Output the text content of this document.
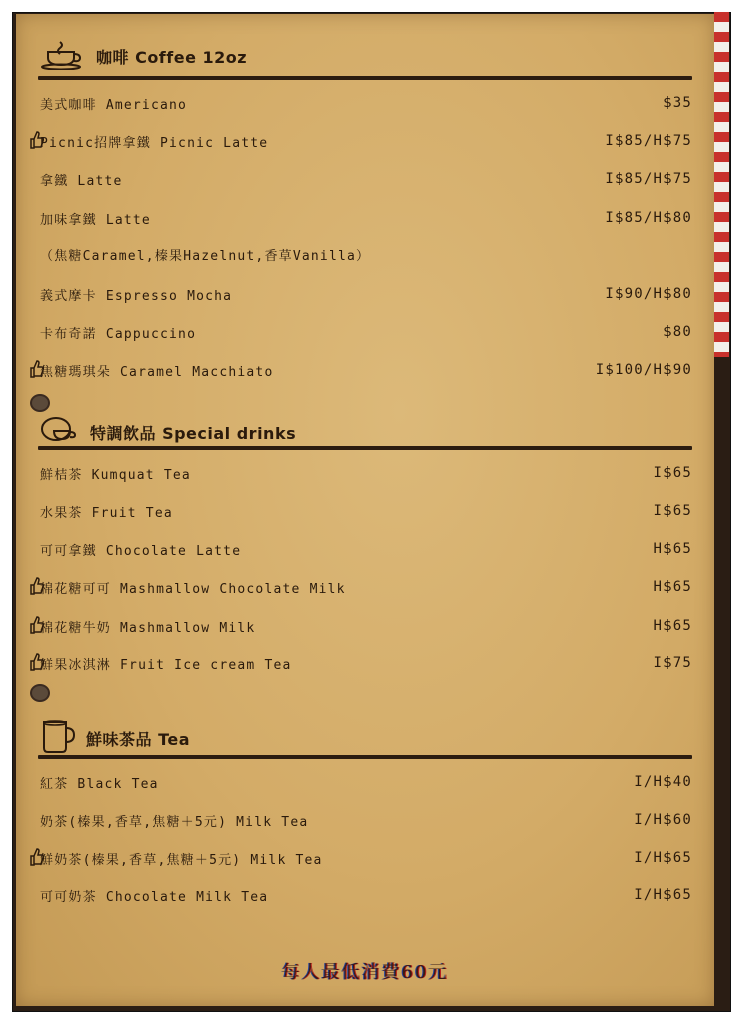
咖啡 Coffee 12oz
美式咖啡 Americano	$35
Picnic招牌拿鐵 Picnic Latte	I$85/H$75
拿鐵 Latte	I$85/H$75
加味拿鐵 Latte	I$85/H$80
（焦糖Caramel,榛果Hazelnut,香草Vanilla）
義式摩卡 Espresso Mocha	I$90/H$80
卡布奇諾 Cappuccino	$80
焦糖瑪琪朵 Caramel Macchiato	I$100/H$90
特調飲品 Special drinks
鮮桔茶 Kumquat Tea	I$65
水果茶 Fruit Tea	I$65
可可拿鐵 Chocolate Latte	H$65
棉花糖可可 Mashmallow Chocolate Milk	H$65
棉花糖牛奶 Mashmallow Milk	H$65
鮮果冰淇淋 Fruit Ice cream Tea	I$75
鮮味茶品 Tea
紅茶 Black Tea	I/H$40
奶茶(榛果,香草,焦糖＋5元) Milk Tea	I/H$60
鮮奶茶(榛果,香草,焦糖＋5元) Milk Tea	I/H$65
可可奶茶 Chocolate Milk Tea	I/H$65
每人最低消費60元
